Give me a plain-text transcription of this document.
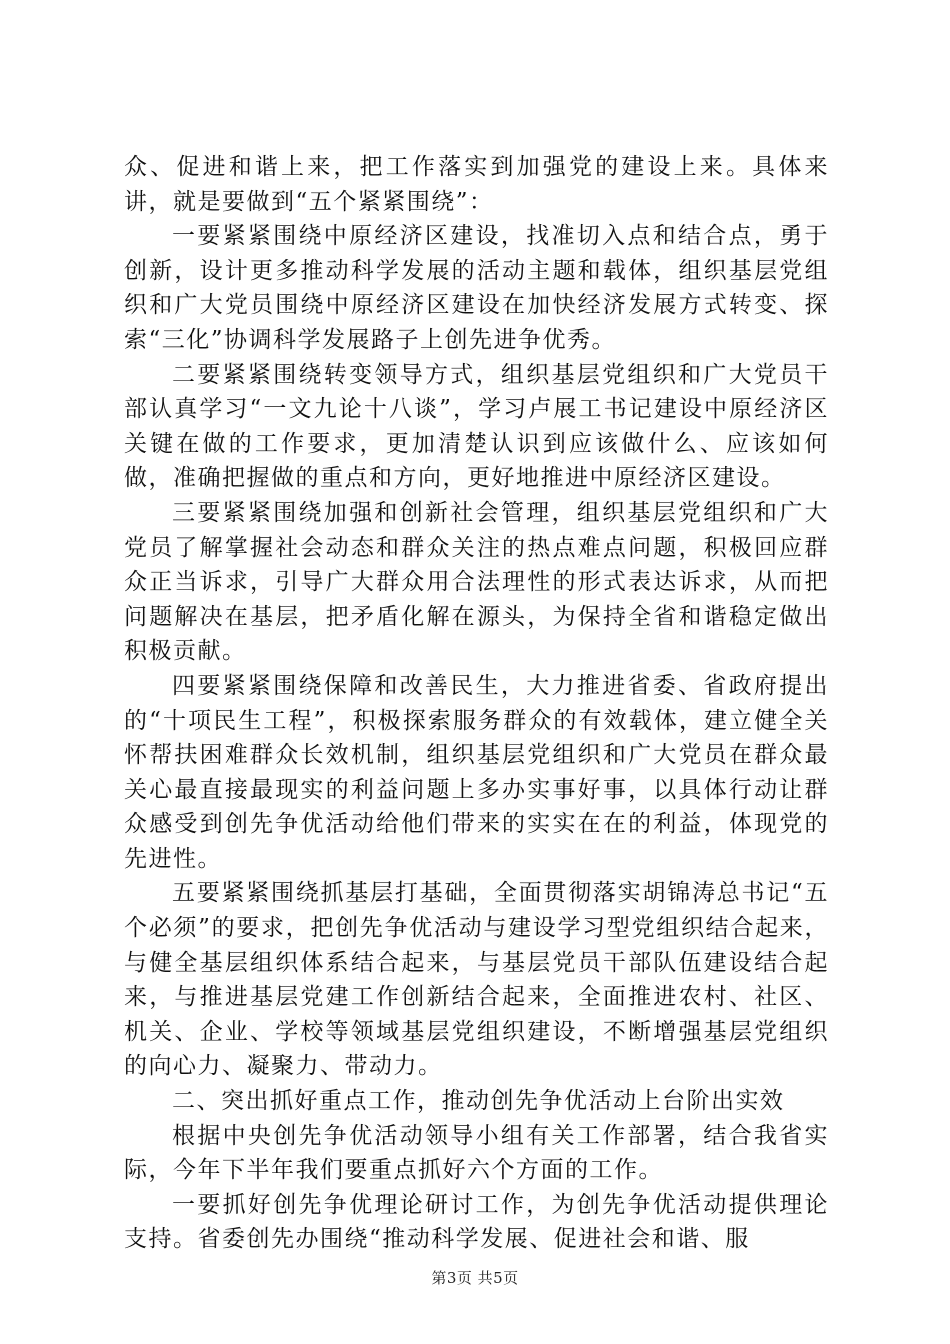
众、促进和谐上来，把工作落实到加强党的建设上来。具体来讲，就是要做到“五个紧紧围绕”：

一要紧紧围绕中原经济区建设，找准切入点和结合点，勇于创新，设计更多推动科学发展的活动主题和载体，组织基层党组织和广大党员围绕中原经济区建设在加快经济发展方式转变、探索“三化”协调科学发展路子上创先进争优秀。

二要紧紧围绕转变领导方式，组织基层党组织和广大党员干部认真学习“一文九论十八谈”，学习卢展工书记建设中原经济区关键在做的工作要求，更加清楚认识到应该做什么、应该如何做，准确把握做的重点和方向，更好地推进中原经济区建设。

三要紧紧围绕加强和创新社会管理，组织基层党组织和广大党员了解掌握社会动态和群众关注的热点难点问题，积极回应群众正当诉求，引导广大群众用合法理性的形式表达诉求，从而把问题解决在基层，把矛盾化解在源头，为保持全省和谐稳定做出积极贡献。

四要紧紧围绕保障和改善民生，大力推进省委、省政府提出的“十项民生工程”，积极探索服务群众的有效载体，建立健全关怀帮扶困难群众长效机制，组织基层党组织和广大党员在群众最关心最直接最现实的利益问题上多办实事好事，以具体行动让群众感受到创先争优活动给他们带来的实实在在的利益，体现党的先进性。

五要紧紧围绕抓基层打基础，全面贯彻落实胡锦涛总书记“五个必须”的要求，把创先争优活动与建设学习型党组织结合起来，与健全基层组织体系结合起来，与基层党员干部队伍建设结合起来，与推进基层党建工作创新结合起来，全面推进农村、社区、机关、企业、学校等领域基层党组织建设，不断增强基层党组织的向心力、凝聚力、带动力。

二、突出抓好重点工作，推动创先争优活动上台阶出实效

根据中央创先争优活动领导小组有关工作部署，结合我省实际，今年下半年我们要重点抓好六个方面的工作。

一要抓好创先争优理论研讨工作，为创先争优活动提供理论支持。省委创先办围绕“推动科学发展、促进社会和谐、服

第3页 共5页
